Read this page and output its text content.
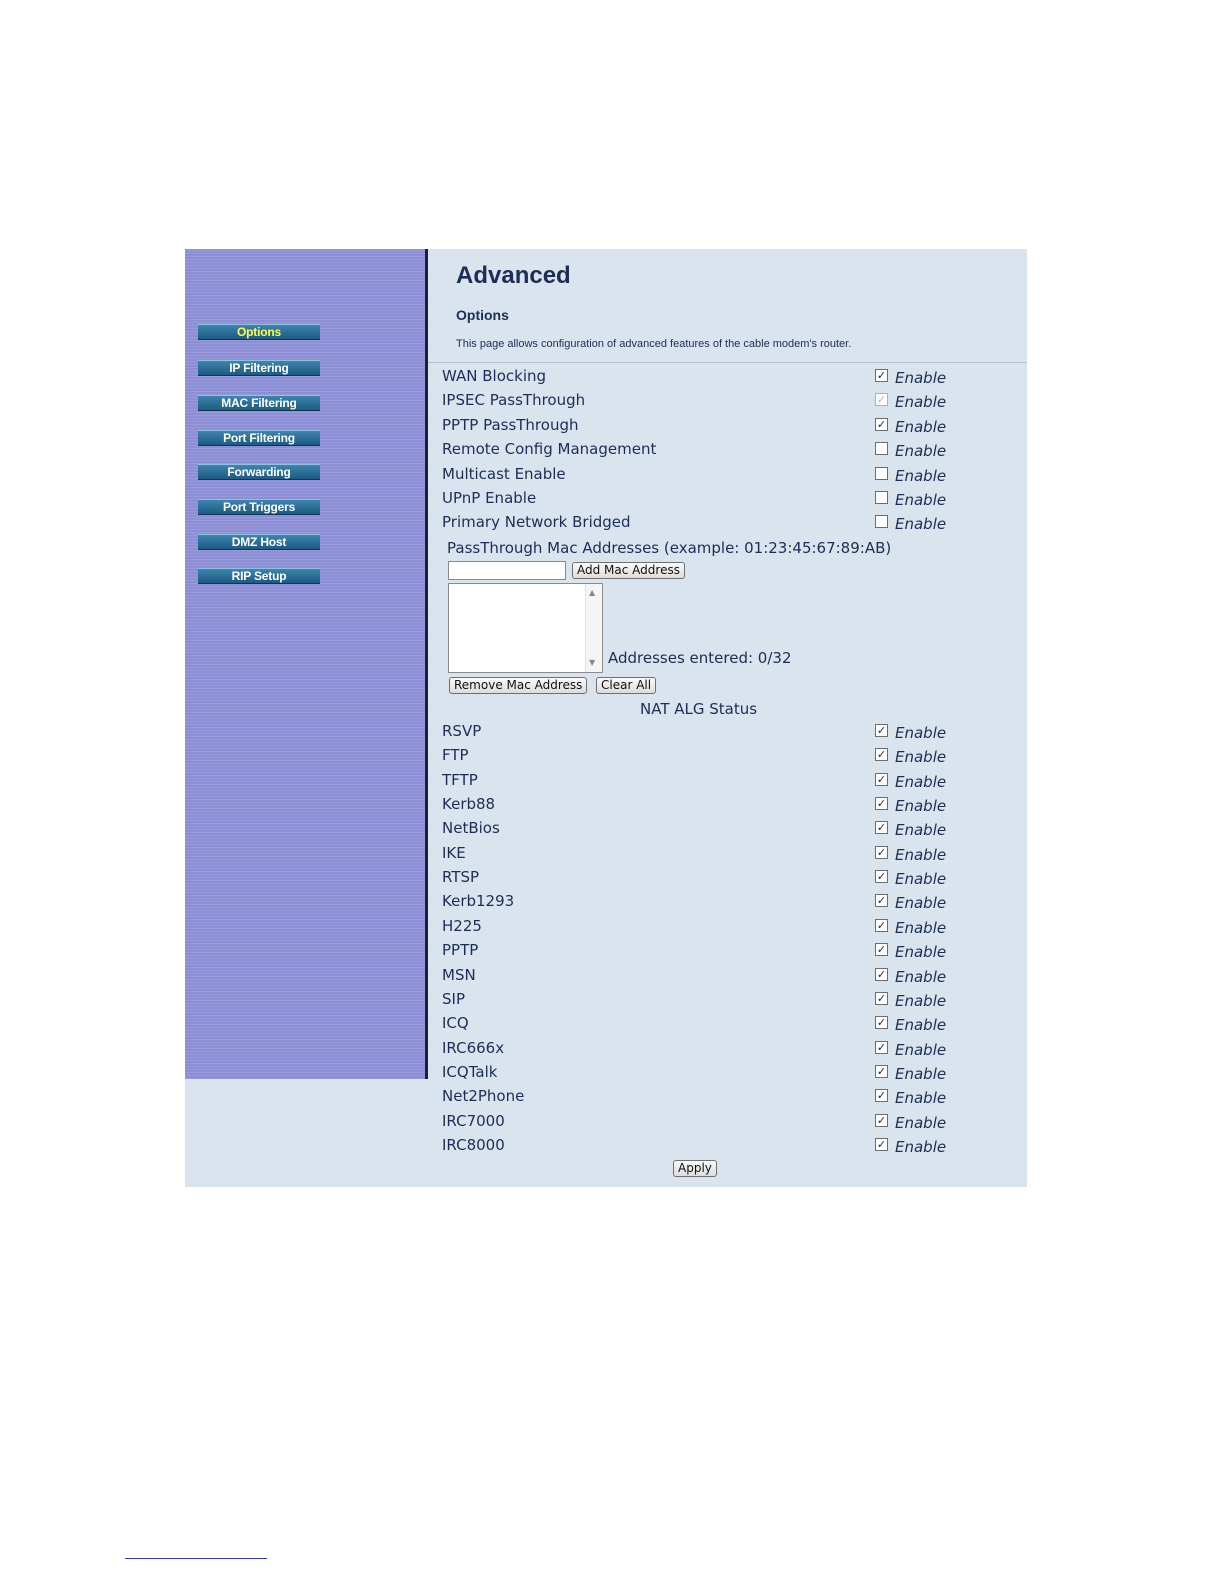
Options
IP Filtering
MAC Filtering
Port Filtering
Forwarding
Port Triggers
DMZ Host
RIP Setup
Advanced
Options
This page allows configuration of advanced features of the cable modem's router.
WAN Blocking	✓ Enable
IPSEC PassThrough	✓ Enable
PPTP PassThrough	✓ Enable
Remote Config Management	Enable
Multicast Enable	Enable
UPnP Enable	Enable
Primary Network Bridged	Enable
PassThrough Mac Addresses (example: 01:23:45:67:89:AB)
Add Mac Address
▲
▼ Addresses entered: 0/32
Remove Mac Address	Clear All
NAT ALG Status
RSVP	✓ Enable
FTP	✓ Enable
TFTP	✓ Enable
Kerb88	✓ Enable
NetBios	✓ Enable
IKE	✓ Enable
RTSP	✓ Enable
Kerb1293	✓ Enable
H225	✓ Enable
PPTP	✓ Enable
MSN	✓ Enable
SIP	✓ Enable
ICQ	✓ Enable
IRC666x	✓ Enable
ICQTalk	✓ Enable
Net2Phone	✓ Enable
IRC7000	✓ Enable
IRC8000	✓ Enable
Apply
